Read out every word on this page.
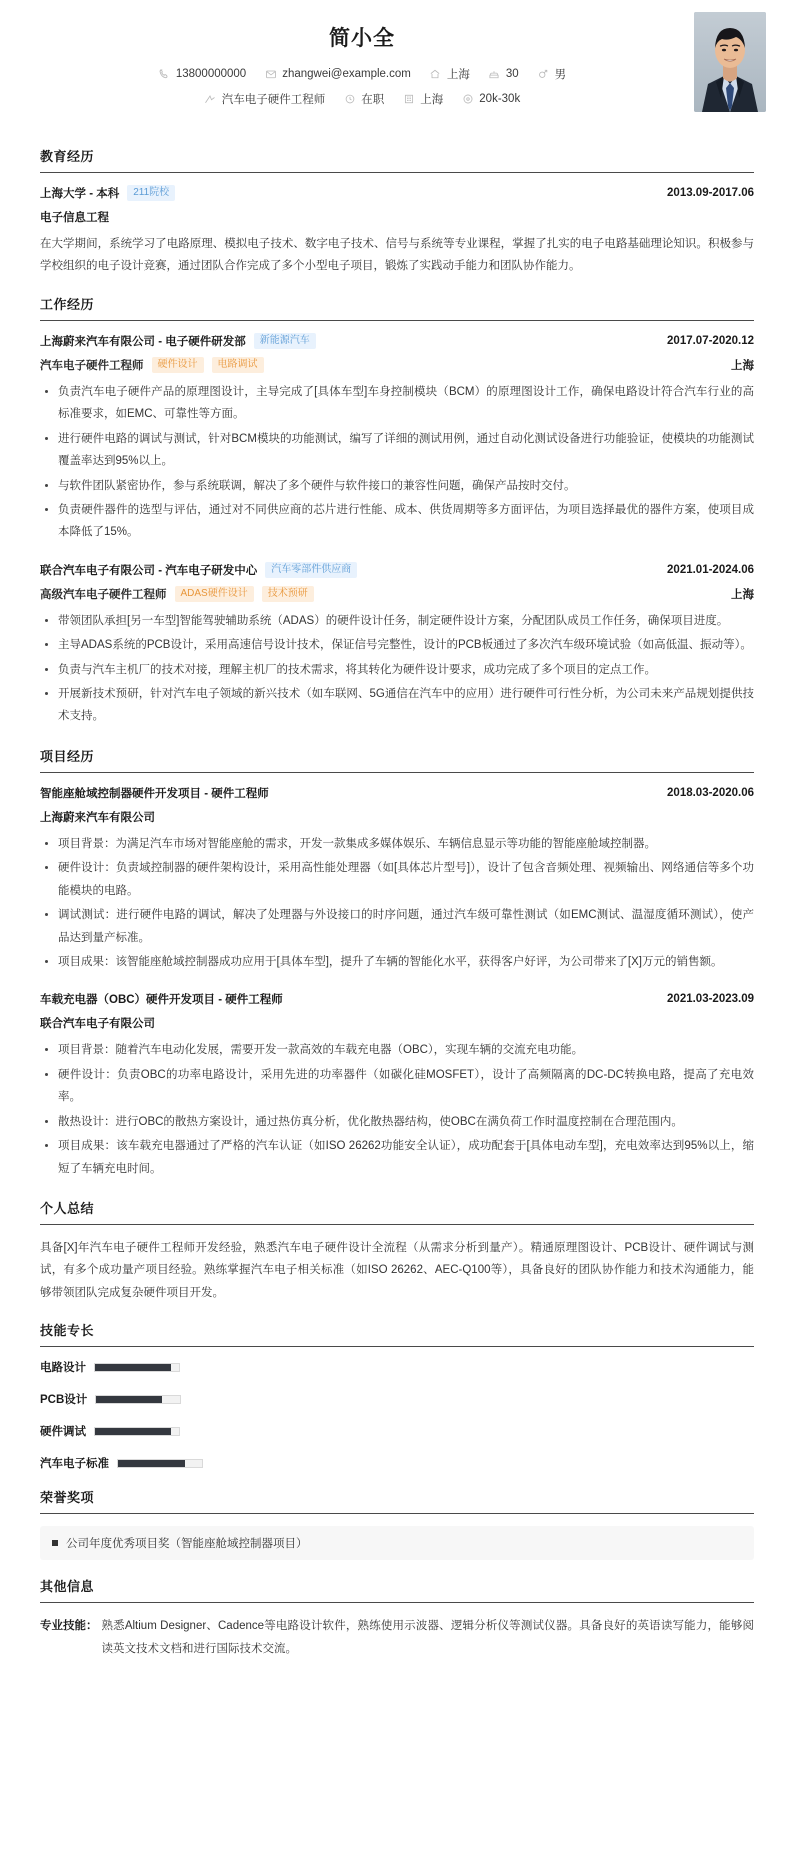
简小全
13800000000	zhangwei@example.com	上海	30	男
汽车电子硬件工程师	在职	上海	20k-30k
教育经历
上海大学 - 本科	211院校	2013.09-2017.06
电子信息工程

在大学期间，系统学习了电路原理、模拟电子技术、数字电子技术、信号与系统等专业课程，掌握了扎实的电子电路基础理论知识。积极参与学校组织的电子设计竞赛，通过团队合作完成了多个小型电子项目，锻炼了实践动手能力和团队协作能力。

工作经历
上海蔚来汽车有限公司 - 电子硬件研发部	新能源汽车	2017.07-2020.12
汽车电子硬件工程师	硬件设计	电路调试	上海
负责汽车电子硬件产品的原理图设计，主导完成了[具体车型]车身控制模块（BCM）的原理图设计工作，确保电路设计符合汽车行业的高标准要求，如EMC、可靠性等方面。
进行硬件电路的调试与测试，针对BCM模块的功能测试，编写了详细的测试用例，通过自动化测试设备进行功能验证，使模块的功能测试覆盖率达到95%以上。
与软件团队紧密协作，参与系统联调，解决了多个硬件与软件接口的兼容性问题，确保产品按时交付。
负责硬件器件的选型与评估，通过对不同供应商的芯片进行性能、成本、供货周期等多方面评估，为项目选择最优的器件方案，使项目成本降低了15%。
联合汽车电子有限公司 - 汽车电子研发中心	汽车零部件供应商	2021.01-2024.06
高级汽车电子硬件工程师	ADAS硬件设计	技术预研	上海
带领团队承担[另一车型]智能驾驶辅助系统（ADAS）的硬件设计任务，制定硬件设计方案，分配团队成员工作任务，确保项目进度。
主导ADAS系统的PCB设计，采用高速信号设计技术，保证信号完整性，设计的PCB板通过了多次汽车级环境试验（如高低温、振动等）。
负责与汽车主机厂的技术对接，理解主机厂的技术需求，将其转化为硬件设计要求，成功完成了多个项目的定点工作。
开展新技术预研，针对汽车电子领域的新兴技术（如车联网、5G通信在汽车中的应用）进行硬件可行性分析，为公司未来产品规划提供技术支持。
项目经历
智能座舱域控制器硬件开发项目 - 硬件工程师	2018.03-2020.06
上海蔚来汽车有限公司
项目背景：为满足汽车市场对智能座舱的需求，开发一款集成多媒体娱乐、车辆信息显示等功能的智能座舱域控制器。
硬件设计：负责域控制器的硬件架构设计，采用高性能处理器（如[具体芯片型号]），设计了包含音频处理、视频输出、网络通信等多个功能模块的电路。
调试测试：进行硬件电路的调试，解决了处理器与外设接口的时序问题，通过汽车级可靠性测试（如EMC测试、温湿度循环测试），使产品达到量产标准。
项目成果：该智能座舱域控制器成功应用于[具体车型]，提升了车辆的智能化水平，获得客户好评，为公司带来了[X]万元的销售额。
车载充电器（OBC）硬件开发项目 - 硬件工程师	2021.03-2023.09
联合汽车电子有限公司
项目背景：随着汽车电动化发展，需要开发一款高效的车载充电器（OBC），实现车辆的交流充电功能。
硬件设计：负责OBC的功率电路设计，采用先进的功率器件（如碳化硅MOSFET），设计了高频隔离的DC-DC转换电路，提高了充电效率。
散热设计：进行OBC的散热方案设计，通过热仿真分析，优化散热器结构，使OBC在满负荷工作时温度控制在合理范围内。
项目成果：该车载充电器通过了严格的汽车认证（如ISO 26262功能安全认证），成功配套于[具体电动车型]，充电效率达到95%以上，缩短了车辆充电时间。
个人总结

具备[X]年汽车电子硬件工程师开发经验，熟悉汽车电子硬件设计全流程（从需求分析到量产）。精通原理图设计、PCB设计、硬件调试与测试，有多个成功量产项目经验。熟练掌握汽车电子相关标准（如ISO 26262、AEC-Q100等），具备良好的团队协作能力和技术沟通能力，能够带领团队完成复杂硬件项目开发。

技能专长
电路设计
PCB设计
硬件调试
汽车电子标准
荣誉奖项
公司年度优秀项目奖（智能座舱域控制器项目）
其他信息
专业技能： 熟悉Altium Designer、Cadence等电路设计软件，熟练使用示波器、逻辑分析仪等测试仪器。具备良好的英语读写能力，能够阅读英文技术文档和进行国际技术交流。
